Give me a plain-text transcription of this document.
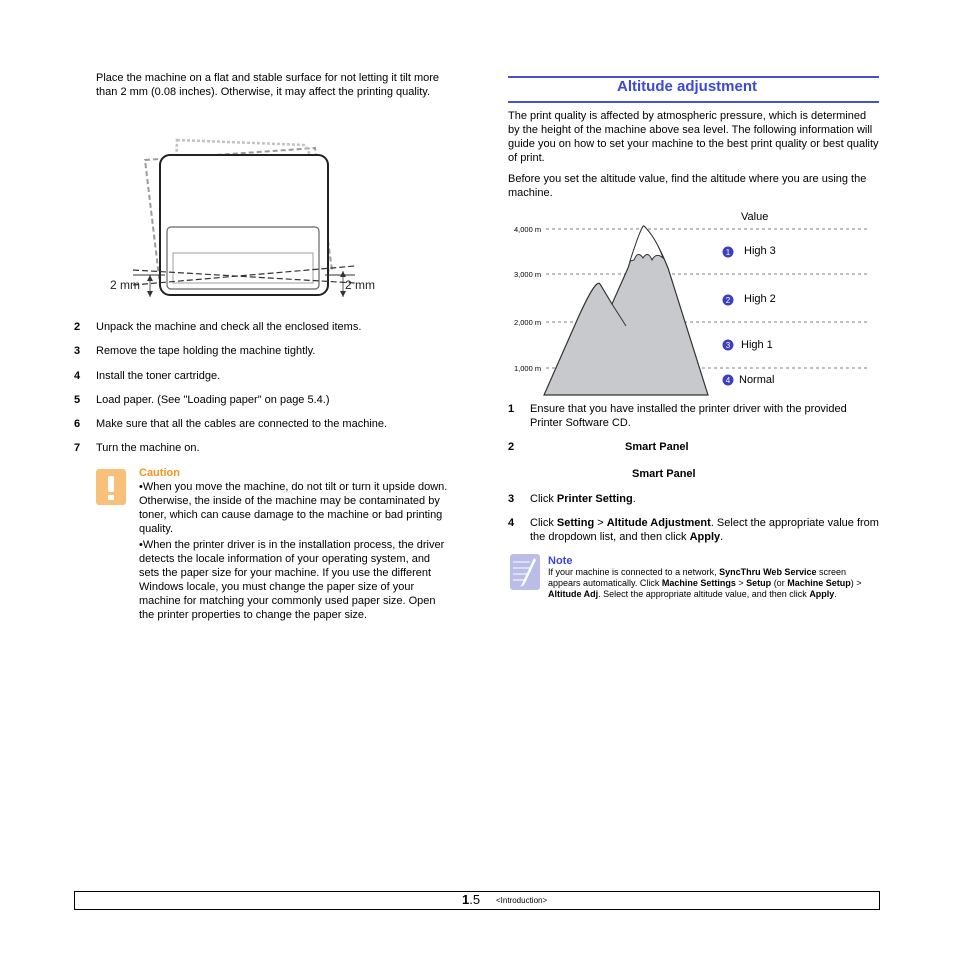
Place the machine on a flat and stable surface for not letting it tilt more than 2 mm (0.08 inches). Otherwise, it may affect the printing quality.

2 mm	2 mm
2 Unpack the machine and check all the enclosed items.
3 Remove the tape holding the machine tightly.
4 Install the toner cartridge.
5 Load paper. (See "Loading paper" on page 5.4.)
6 Make sure that all the cables are connected to the machine.
7 Turn the machine on.
Caution

•When you move the machine, do not tilt or turn it upside down. Otherwise, the inside of the machine may be contaminated by toner, which can cause damage to the machine or bad printing quality.

•When the printer driver is in the installation process, the driver detects the locale information of your operating system, and sets the paper size for your machine. If you use the different Windows locale, you must change the paper size of your machine for matching your commonly used paper size. Open the printer properties to change the paper size.

Altitude adjustment

The print quality is affected by atmospheric pressure, which is determined by the height of the machine above sea level. The following information will guide you on how to set your machine to the best print quality or best quality of print.

Before you set the altitude value, find the altitude where you are using the machine.

Value
4,000 m
3,000 m
2,000 m
1,000 m
1 High 3
2 High 2
3 High 1
4 Normal
1 Ensure that you have installed the printer driver with the provided Printer Software CD.
2	Smart Panel
Smart Panel
3 Click Printer Setting.
4 Click Setting > Altitude Adjustment. Select the appropriate value from the dropdown list, and then click Apply.
Note

If your machine is connected to a network, SyncThru Web Service screen appears automatically. Click Machine Settings > Setup (or Machine Setup) > Altitude Adj. Select the appropriate altitude value, and then click Apply.

1.5 <Introduction>
